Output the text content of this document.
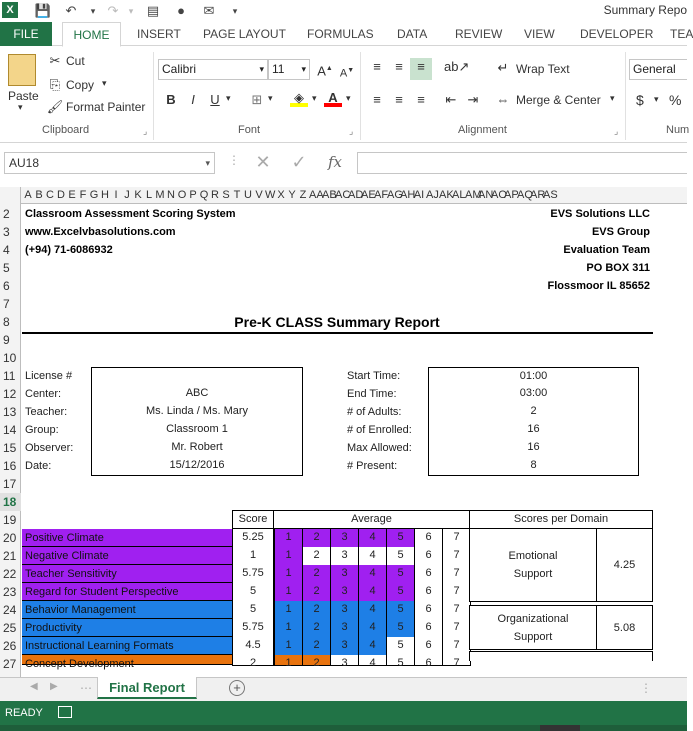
X	💾 ↶	▾ ↷	▾	▤	●	✉	▾	Summary Repo
FILE	HOME	INSERT PAGE LAYOUT FORMULAS DATA REVIEW VIEW DEVELOPER TEA
Paste
▾
✂ Cut
⎘ Copy ▾
🖌 Format Painter
Clipboard	⌟
Calibri	▾ 11 ▾ A▲ A▼
B	I	U ▾ ⊞ ▾	◈ ▾ A ▾
Font	⌟
≡	≡	≡	ab↗
≡	≡	≡	⇤ ⇥
↵ Wrap Text
⇔ Merge & Center ▾
Alignment	⌟
General
$ ▾ %
Num
AU18	▾ ⋮ ✕ ✓ fx
A B C D E F G H I J K L M N O P Q R S T U V W X Y Z AA
AB
AC
AD
AE
AF
AG
AH
AI AJ AK
AL AM
AN
AO
AP
AQ
AR
AS
2
3
4
5
6
7
8
9
10
11
12
13
14
15
16
17
18
19
20
21
22
23
24
25
26
27
Classroom Assessment Scoring System
www.Excelvbasolutions.com
(+94) 71-6086932
EVS Solutions LLC
EVS Group
Evaluation Team
PO BOX 311
Flossmoor IL 85652
Pre-K CLASS Summary Report
License #
Center:	ABC
Teacher:	Ms. Linda / Ms. Mary
Group:	Classroom 1
Observer:	Mr. Robert
Date:	15/12/2016
Start Time:	01:00
End Time:	03:00
# of Adults:	2
# of Enrolled:	16
Max Allowed:	16
# Present:	8
Score	Average	Scores per Domain
Positive Climate	5.25	1	2	3	4	5	6	7
Negative Climate	1	1	2	3	4	5	6	7
Teacher Sensitivity	5.75	1	2	3	4	5	6	7
Regard for Student Perspective	5	1	2	3	4	5	6	7
Behavior Management	5	1	2	3	4	5	6	7
Productivity	5.75	1	2	3	4	5	6	7
Instructional Learning Formats	4.5	1	2	3	4	5	6	7
Concept Development	2	1	2	3	4	5	6	7
Emotional
Support
4.25
Organizational
Support
5.08
◀ ▶ ⋯	Final Report	+	⋮
READY
